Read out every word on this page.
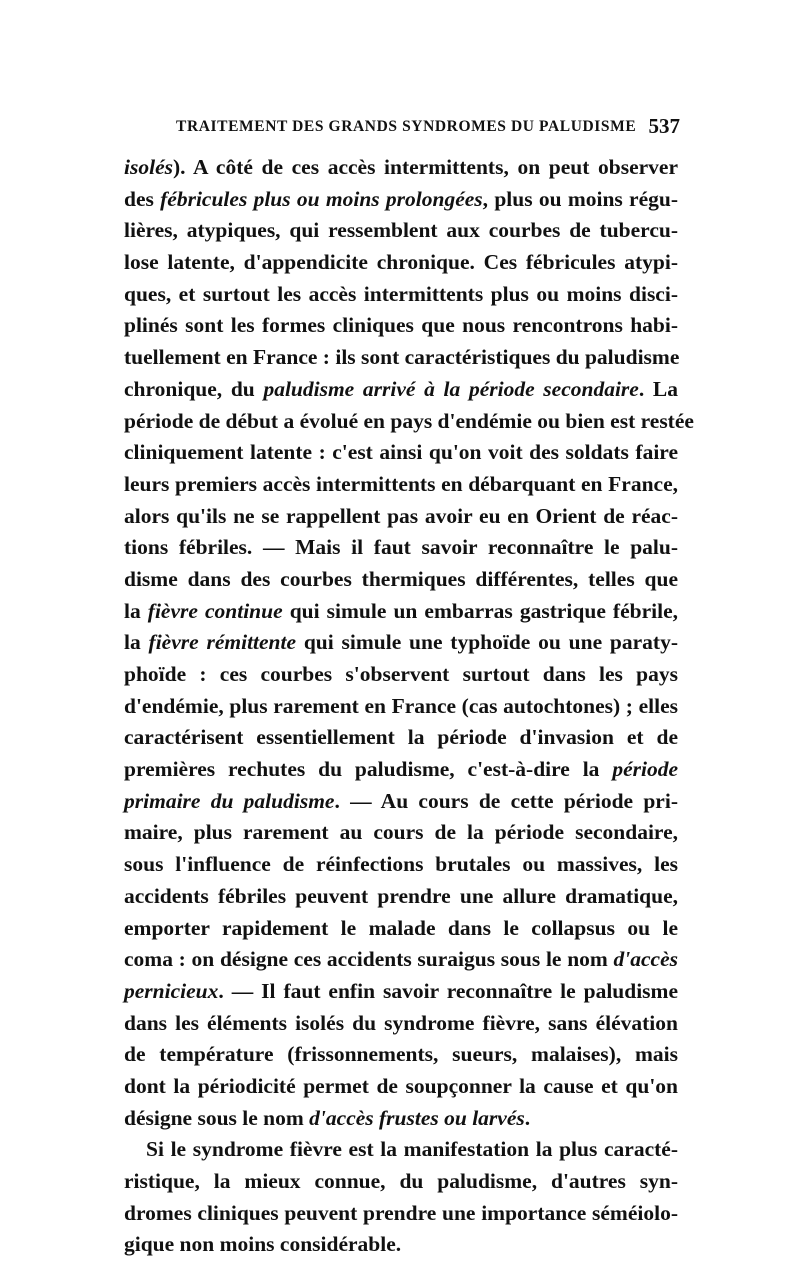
TRAITEMENT DES GRANDS SYNDROMES DU PALUDISME 537
isolés). A côté de ces accès intermittents, on peut observer
des fébricules plus ou moins prolongées, plus ou moins régu-
lières, atypiques, qui ressemblent aux courbes de tubercu-
lose latente, d'appendicite chronique. Ces fébricules atypi-
ques, et surtout les accès intermittents plus ou moins disci-
plinés sont les formes cliniques que nous rencontrons habi-
tuellement en France : ils sont caractéristiques du paludisme
chronique, du paludisme arrivé à la période secondaire. La
période de début a évolué en pays d'endémie ou bien est restée
cliniquement latente : c'est ainsi qu'on voit des soldats faire
leurs premiers accès intermittents en débarquant en France,
alors qu'ils ne se rappellent pas avoir eu en Orient de réac-
tions fébriles. — Mais il faut savoir reconnaître le palu-
disme dans des courbes thermiques différentes, telles que
la fièvre continue qui simule un embarras gastrique fébrile,
la fièvre rémittente qui simule une typhoïde ou une paraty-
phoïde : ces courbes s'observent surtout dans les pays
d'endémie, plus rarement en France (cas autochtones) ; elles
caractérisent essentiellement la période d'invasion et de
premières rechutes du paludisme, c'est-à-dire la période
primaire du paludisme. — Au cours de cette période pri-
maire, plus rarement au cours de la période secondaire,
sous l'influence de réinfections brutales ou massives, les
accidents fébriles peuvent prendre une allure dramatique,
emporter rapidement le malade dans le collapsus ou le
coma : on désigne ces accidents suraigus sous le nom d'accès
pernicieux. — Il faut enfin savoir reconnaître le paludisme
dans les éléments isolés du syndrome fièvre, sans élévation
de température (frissonnements, sueurs, malaises), mais
dont la périodicité permet de soupçonner la cause et qu'on
désigne sous le nom d'accès frustes ou larvés.
Si le syndrome fièvre est la manifestation la plus caracté-
ristique, la mieux connue, du paludisme, d'autres syn-
dromes cliniques peuvent prendre une importance séméiolo-
gique non moins considérable.
